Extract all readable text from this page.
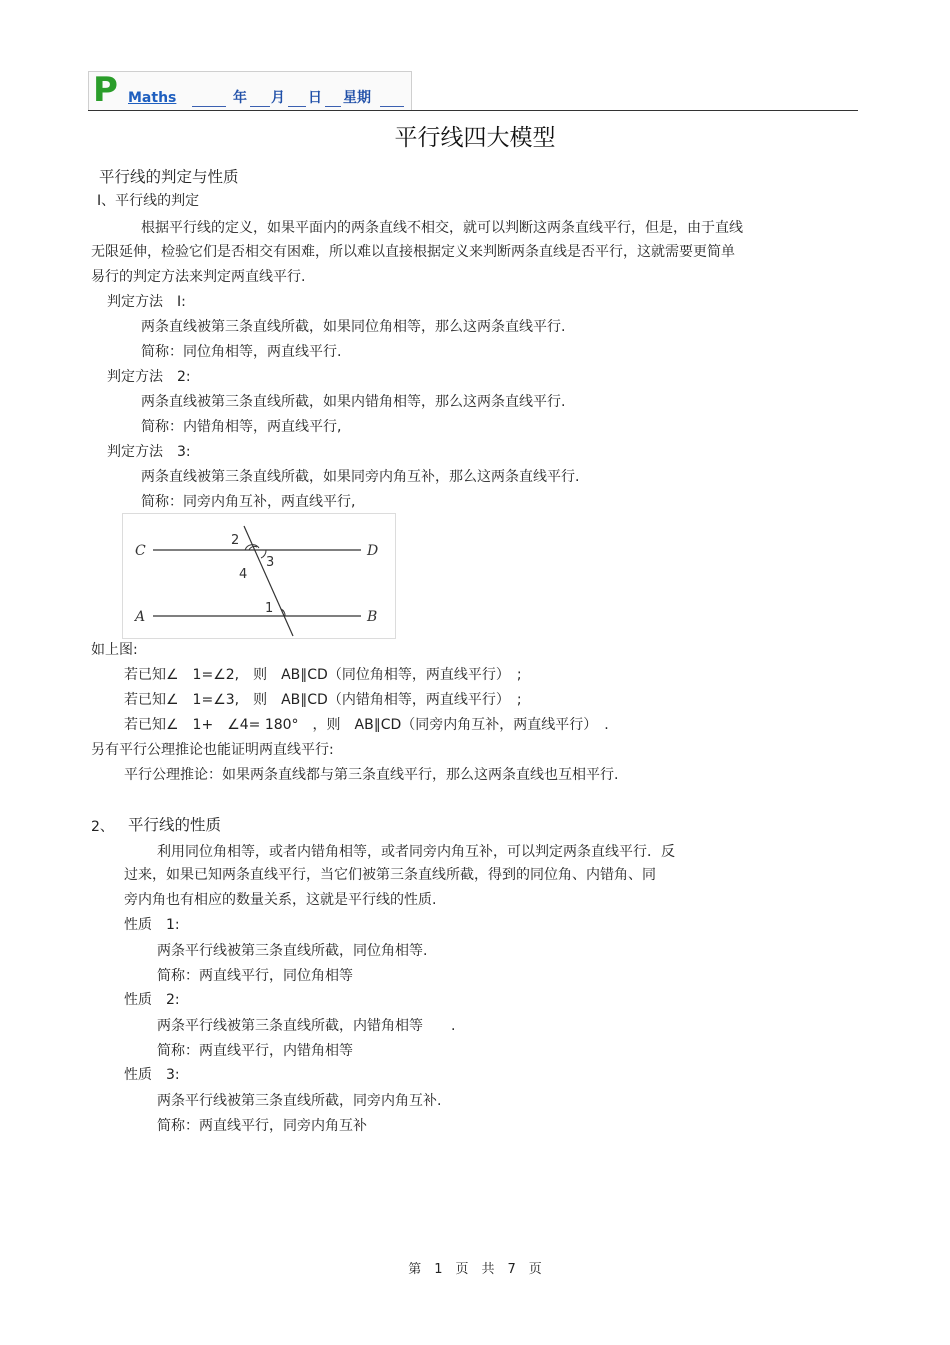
P Maths	年 月 日 星期
平行线四大模型
平行线的判定与性质
I、平行线的判定
根据平行线的定义，如果平面内的两条直线不相交，就可以判断这两条直线平行，但是，由于直线
无限延伸，检验它们是否相交有困难，所以难以直接根据定义来判断两条直线是否平行，这就需要更简单
易行的判定方法来判定两直线平行.
判定方法　I:
两条直线被第三条直线所截，如果同位角相等，那么这两条直线平行.
简称：同位角相等，两直线平行.
判定方法　2:
两条直线被第三条直线所截，如果内错角相等，那么这两条直线平行.
简称：内错角相等，两直线平行,
判定方法　3:
两条直线被第三条直线所截，如果同旁内角互补，那么这两条直线平行.
简称：同旁内角互补，两直线平行,
C	D
A	B
2
3
4
1
如上图:
若已知∠　1=∠2,　则　AB∥CD（同位角相等，两直线平行）　;
若已知∠　1=∠3,　则　AB∥CD（内错角相等，两直线平行）　;
若已知∠　1+　∠4= 180°　，则　AB∥CD（同旁内角互补，两直线平行）　.
另有平行公理推论也能证明两直线平行:
平行公理推论：如果两条直线都与第三条直线平行，那么这两条直线也互相平行.
2、 平行线的性质
利用同位角相等，或者内错角相等，或者同旁内角互补，可以判定两条直线平行．反
过来，如果已知两条直线平行，当它们被第三条直线所截，得到的同位角、内错角、同
旁内角也有相应的数量关系，这就是平行线的性质.
性质　1:
两条平行线被第三条直线所截，同位角相等.
简称：两直线平行，同位角相等
性质　2:
两条平行线被第三条直线所截，内错角相等　　.
简称：两直线平行，内错角相等
性质　3:
两条平行线被第三条直线所截，同旁内角互补.
简称：两直线平行，同旁内角互补
第　1　页　共　7　页
